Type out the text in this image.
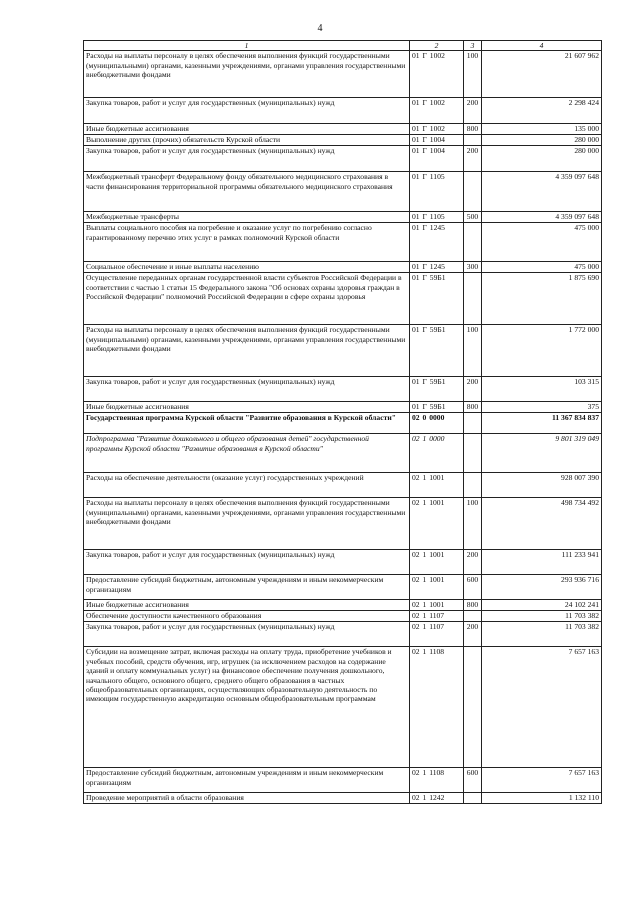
4
1	2	3	4
Расходы на выплаты персоналу в целях обеспечения выполнения функций государственными (муниципальными) органами, казенными учреждениями, органами управления государственными внебюджетными фондами	01 Г 1002	100	21 607 962
Закупка товаров, работ и услуг для государственных (муниципальных) нужд	01 Г 1002	200	2 298 424
Иные бюджетные ассигнования	01 Г 1002	800	135 000
Выполнение других (прочих) обязательств Курской области	01 Г 1004		280 000
Закупка товаров, работ и услуг для государственных (муниципальных) нужд	01 Г 1004	200	280 000
Межбюджетный трансферт Федеральному фонду обязательного медицинского страхования в части финансирования территориальной программы обязательного медицинского страхования	01 Г 1105		4 359 097 648
Межбюджетные трансферты	01 Г 1105	500	4 359 097 648
Выплаты социального пособия на погребение и оказание услуг по погребению согласно гарантированному перечню этих услуг в рамках полномочий Курской области	01 Г 1245		475 000
Социальное обеспечение и иные выплаты населению	01 Г 1245	300	475 000
Осуществление переданных органам государственной власти субъектов Российской Федерации в соответствии с частью 1 статьи 15 Федерального закона "Об основах охраны здоровья граждан в Российской Федерации" полномочий Российской Федерации в сфере охраны здоровья	01 Г 59Б1		1 875 690
Расходы на выплаты персоналу в целях обеспечения выполнения функций государственными (муниципальными) органами, казенными учреждениями, органами управления государственными внебюджетными фондами	01 Г 59Б1	100	1 772 000
Закупка товаров, работ и услуг для государственных (муниципальных) нужд	01 Г 59Б1	200	103 315
Иные бюджетные ассигнования	01 Г 59Б1	800	375
Государственная программа Курской области "Развитие образования в Курской области"	02 0 0000		11 367 834 837
Подпрограмма "Развитие дошкольного и общего образования детей" государственной программы Курской области "Развитие образования в Курской области"	02 1 0000		9 801 319 049
Расходы на обеспечение деятельности (оказание услуг) государственных учреждений	02 1 1001		928 007 390
Расходы на выплаты персоналу в целях обеспечения выполнения функций государственными (муниципальными) органами, казенными учреждениями, органами управления государственными внебюджетными фондами	02 1 1001	100	498 734 492
Закупка товаров, работ и услуг для государственных (муниципальных) нужд	02 1 1001	200	111 233 941
Предоставление субсидий бюджетным, автономным учреждениям и иным некоммерческим организациям	02 1 1001	600	293 936 716
Иные бюджетные ассигнования	02 1 1001	800	24 102 241
Обеспечение доступности качественного образования	02 1 1107		11 703 382
Закупка товаров, работ и услуг для государственных (муниципальных) нужд	02 1 1107	200	11 703 382
Субсидии на возмещение затрат, включая расходы на оплату труда, приобретение учебников и учебных пособий, средств обучения, игр, игрушек (за исключением расходов на содержание зданий и оплату коммунальных услуг) на финансовое обеспечение получения дошкольного, начального общего, основного общего, среднего общего образования в частных общеобразовательных организациях, осуществляющих образовательную деятельность по имеющим государственную аккредитацию основным общеобразовательным программам	02 1 1108		7 657 163
Предоставление субсидий бюджетным, автономным учреждениям и иным некоммерческим организациям	02 1 1108	600	7 657 163
Проведение мероприятий в области образования	02 1 1242		1 132 110
